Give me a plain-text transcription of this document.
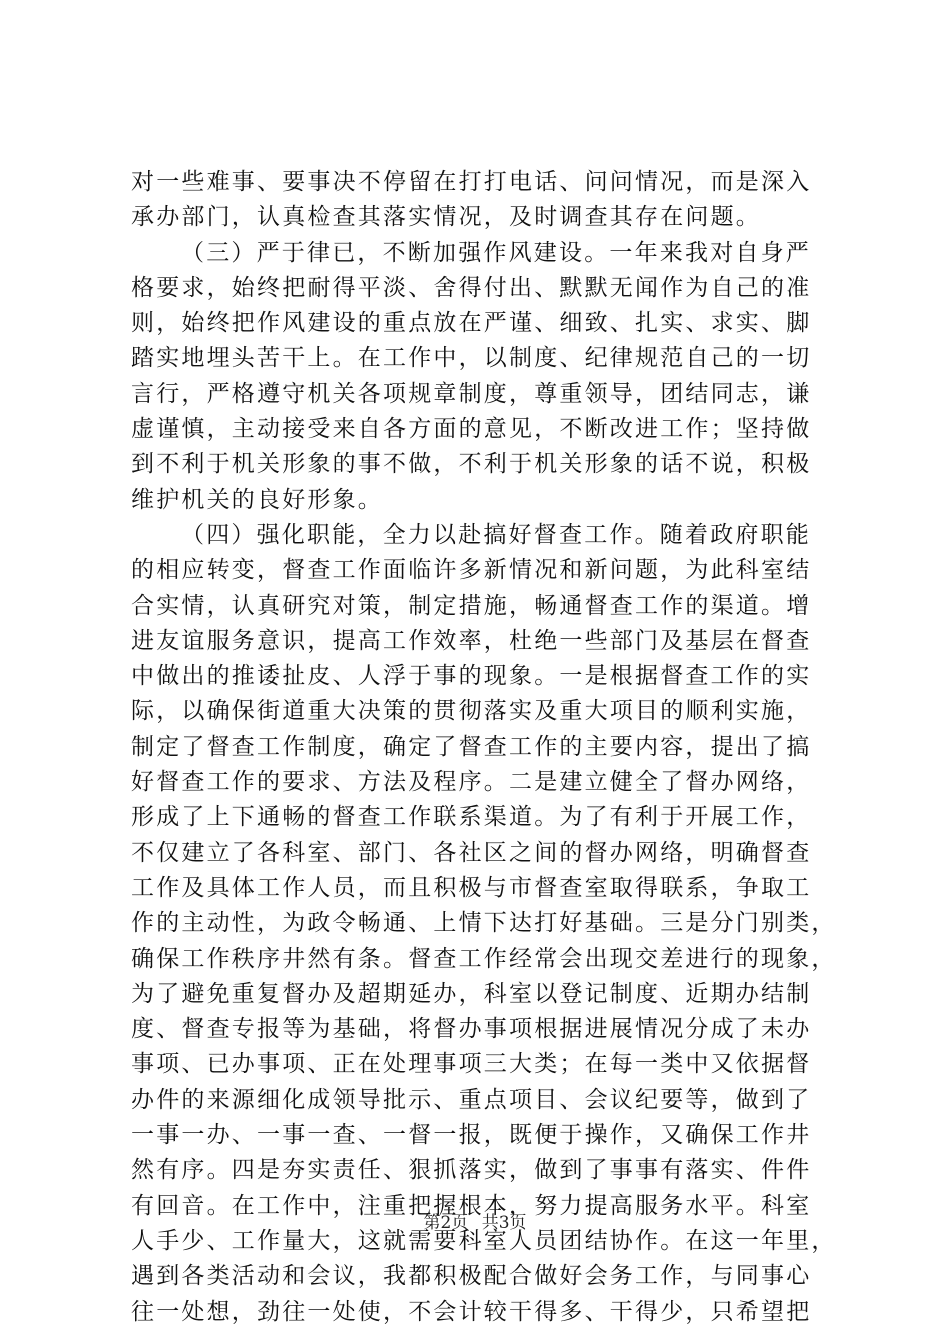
对一些难事、要事决不停留在打打电话、问问情况，而是深入
承办部门，认真检查其落实情况，及时调查其存在问题。
（三）严于律已，不断加强作风建设。一年来我对自身严
格要求，始终把耐得平淡、舍得付出、默默无闻作为自己的准
则，始终把作风建设的重点放在严谨、细致、扎实、求实、脚
踏实地埋头苦干上。在工作中，以制度、纪律规范自己的一切
言行，严格遵守机关各项规章制度，尊重领导，团结同志，谦
虚谨慎，主动接受来自各方面的意见，不断改进工作；坚持做
到不利于机关形象的事不做，不利于机关形象的话不说，积极
维护机关的良好形象。
（四）强化职能，全力以赴搞好督查工作。随着政府职能
的相应转变，督查工作面临许多新情况和新问题，为此科室结
合实情，认真研究对策，制定措施，畅通督查工作的渠道。增
进友谊服务意识，提高工作效率，杜绝一些部门及基层在督查
中做出的推诿扯皮、人浮于事的现象。一是根据督查工作的实
际，以确保街道重大决策的贯彻落实及重大项目的顺利实施，
制定了督查工作制度，确定了督查工作的主要内容，提出了搞
好督查工作的要求、方法及程序。二是建立健全了督办网络，
形成了上下通畅的督查工作联系渠道。为了有利于开展工作，
不仅建立了各科室、部门、各社区之间的督办网络，明确督查
工作及具体工作人员，而且积极与市督查室取得联系，争取工
作的主动性，为政令畅通、上情下达打好基础。三是分门别类，
确保工作秩序井然有条。督查工作经常会出现交差进行的现象，
为了避免重复督办及超期延办，科室以登记制度、近期办结制
度、督查专报等为基础，将督办事项根据进展情况分成了未办
事项、已办事项、正在处理事项三大类；在每一类中又依据督
办件的来源细化成领导批示、重点项目、会议纪要等，做到了
一事一办、一事一查、一督一报，既便于操作，又确保工作井
然有序。四是夯实责任、狠抓落实，做到了事事有落实、件件
有回音。在工作中，注重把握根本，努力提高服务水平。科室
人手少、工作量大，这就需要科室人员团结协作。在这一年里，
遇到各类活动和会议，我都积极配合做好会务工作，与同事心
往一处想，劲往一处使，不会计较干得多、干得少，只希望把
第2页 共3页
